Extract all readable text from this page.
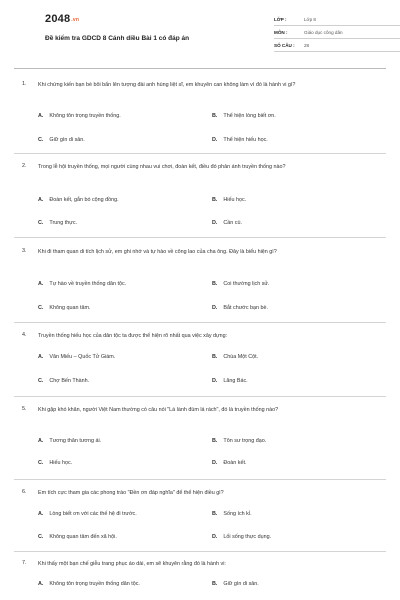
2048.vn
Đề kiểm tra GDCD 8 Cánh diều Bài 1 có đáp án
LỚP :	Lớp 8
MÔN :	Giáo dục công dân
SỐ CÂU :	28
1.	Khi chứng kiến bạn bè bôi bẩn lên tượng đài anh hùng liệt sĩ, em khuyên can không làm vì đó là hành vi gì?
A. Không tôn trọng truyền thống.	B. Thể hiện lòng biết ơn.
C. Giữ gìn di sản.	D. Thể hiện hiếu học.
2.	Trong lễ hội truyền thống, mọi người cùng nhau vui chơi, đoàn kết, điều đó phản ánh truyền thống nào?
A. Đoàn kết, gắn bó cộng đồng.	B. Hiếu học.
C. Trung thực.	D. Cần cù.
3.	Khi đi tham quan di tích lịch sử, em ghi nhớ và tự hào về công lao của cha ông. Đây là biểu hiện gì?
A. Tự hào về truyền thống dân tộc.	B. Coi thường lịch sử.
C. Không quan tâm.	D. Bắt chước bạn bè.
4.	Truyền thống hiếu học của dân tộc ta được thể hiện rõ nhất qua việc xây dựng:
A. Văn Miếu – Quốc Tử Giám.	B. Chùa Một Cột.
C. Chợ Bến Thành.	D. Lăng Bác.
5.	Khi gặp khó khăn, người Việt Nam thường có câu nói "Lá lành đùm lá rách", đó là truyền thống nào?
A. Tương thân tương ái.	B. Tôn sư trọng đạo.
C. Hiếu học.	D. Đoàn kết.
6.	Em tích cực tham gia các phong trào "Đền ơn đáp nghĩa" để thể hiện điều gì?
A. Lòng biết ơn với các thế hệ đi trước.	B. Sống ích kỉ.
C. Không quan tâm đến xã hội.	D. Lối sống thực dụng.
7.	Khi thấy một bạn chế giễu trang phục áo dài, em sẽ khuyên rằng đó là hành vi:
A. Không tôn trọng truyền thống dân tộc.	B. Giữ gìn di sản.
